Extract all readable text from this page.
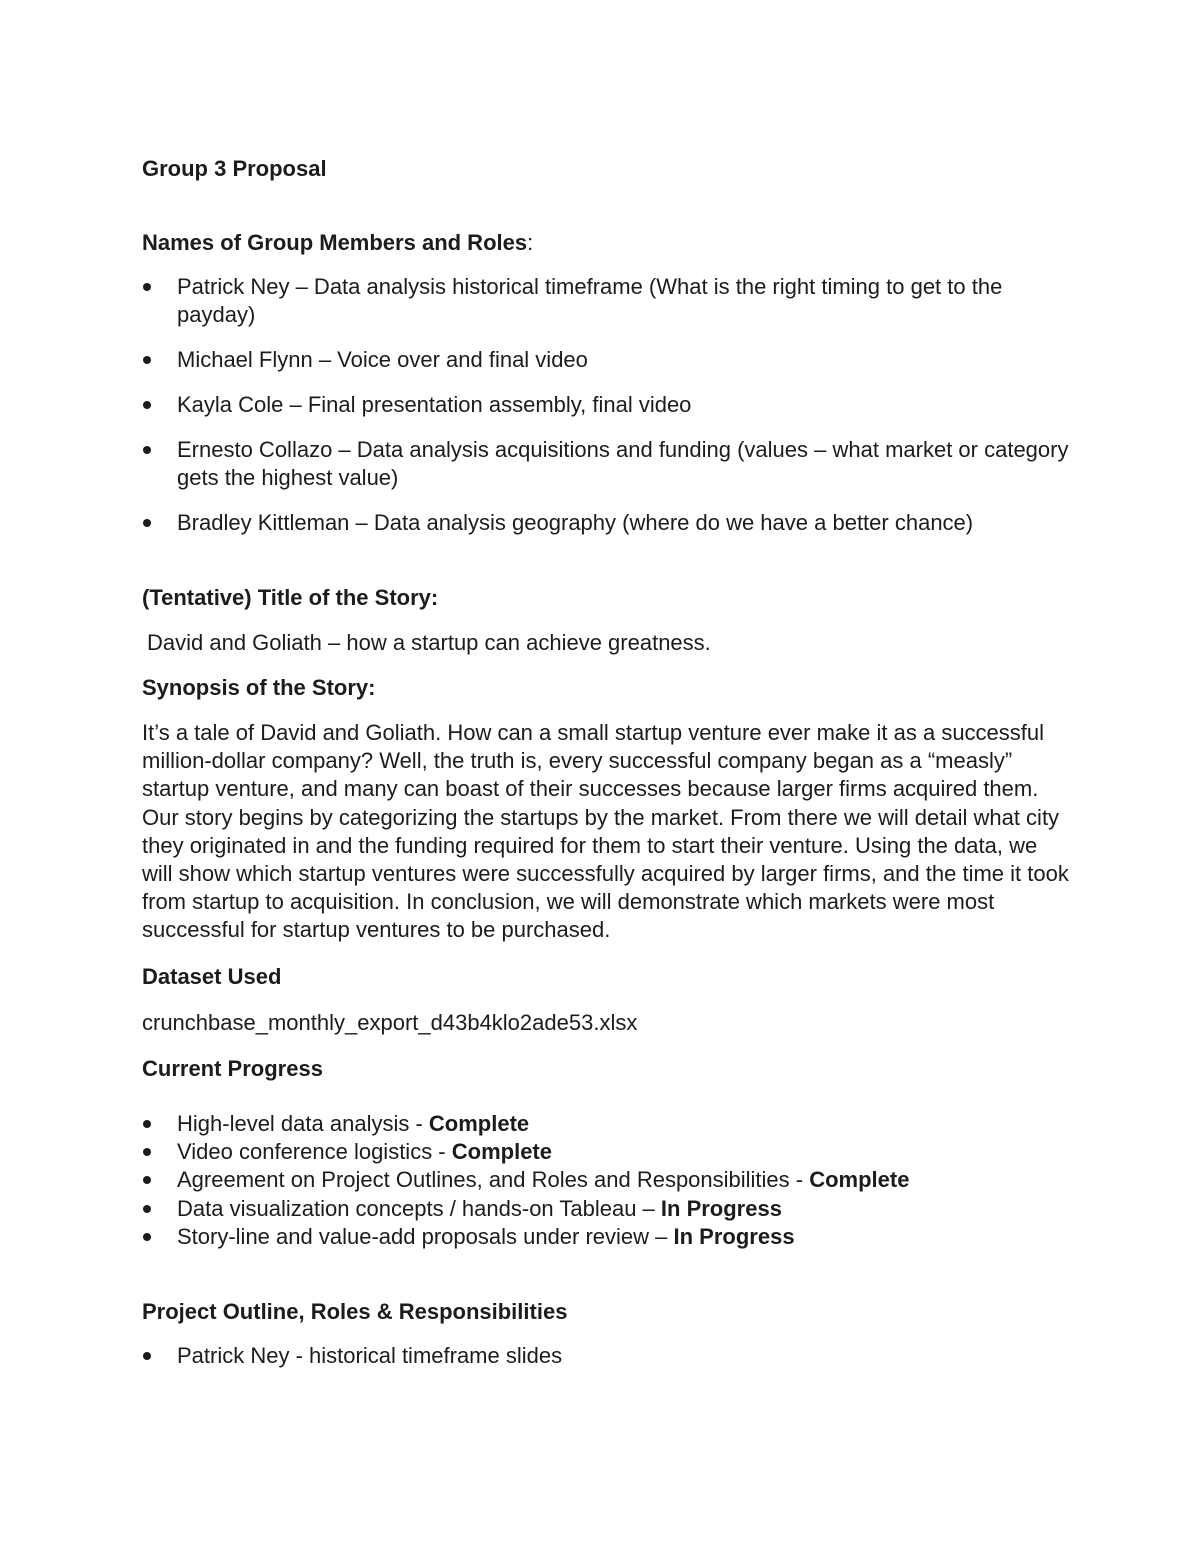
Group 3 Proposal

Names of Group Members and Roles:

Patrick Ney – Data analysis historical timeframe (What is the right timing to get to the payday)
Michael Flynn – Voice over and final video
Kayla Cole – Final presentation assembly, final video
Ernesto Collazo – Data analysis acquisitions and funding (values – what market or category gets the highest value)
Bradley Kittleman – Data analysis geography (where do we have a better chance)

(Tentative) Title of the Story:

David and Goliath – how a startup can achieve greatness.

Synopsis of the Story:

It’s a tale of David and Goliath. How can a small startup venture ever make it as a successful million-dollar company? Well, the truth is, every successful company began as a “measly” startup venture, and many can boast of their successes because larger firms acquired them. Our story begins by categorizing the startups by the market. From there we will detail what city they originated in and the funding required for them to start their venture. Using the data, we will show which startup ventures were successfully acquired by larger firms, and the time it took from startup to acquisition. In conclusion, we will demonstrate which markets were most successful for startup ventures to be purchased.

Dataset Used

crunchbase_monthly_export_d43b4klo2ade53.xlsx

Current Progress

High-level data analysis - Complete
Video conference logistics - Complete
Agreement on Project Outlines, and Roles and Responsibilities - Complete
Data visualization concepts / hands-on Tableau – In Progress
Story-line and value-add proposals under review – In Progress

Project Outline, Roles & Responsibilities

Patrick Ney - historical timeframe slides
